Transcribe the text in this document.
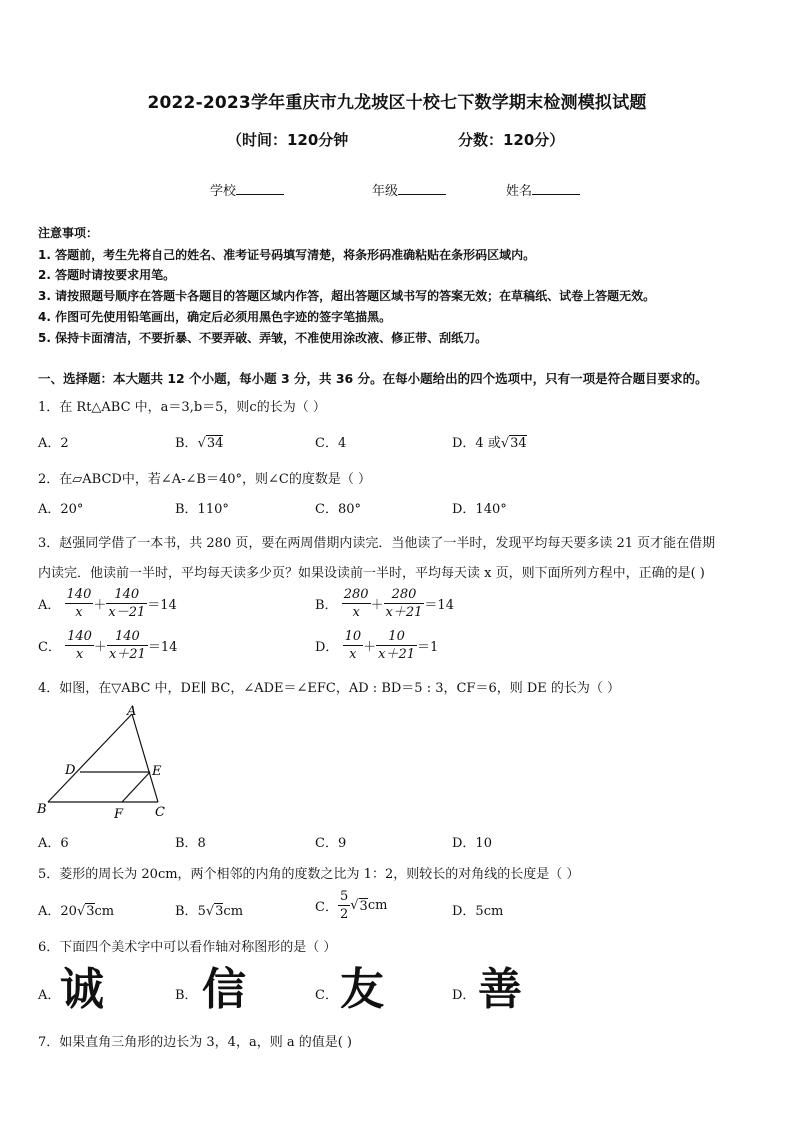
2022-2023学年重庆市九龙坡区十校七下数学期末检测模拟试题
（时间：120分钟	分数：120分）
学校	年级	姓名
注意事项：
1. 答题前，考生先将自己的姓名、准考证号码填写清楚，将条形码准确粘贴在条形码区域内。
2. 答题时请按要求用笔。
3. 请按照题号顺序在答题卡各题目的答题区域内作答，超出答题区域书写的答案无效；在草稿纸、试卷上答题无效。
4. 作图可先使用铅笔画出，确定后必须用黑色字迹的签字笔描黑。
5. 保持卡面清洁，不要折暴、不要弄破、弄皱，不准使用涂改液、修正带、刮纸刀。
一、选择题：本大题共 12 个小题，每小题 3 分，共 36 分。在每小题给出的四个选项中，只有一项是符合题目要求的。
1．在 Rt△ABC 中，a＝3,b＝5，则c的长为（ ）
A．2	B．√34	C．4	D．4 或√34
2．在▱ABCD中，若∠A-∠B＝40°，则∠C的度数是（ ）
A．20°	B．110°	C．80°	D．140°
3．赵强同学借了一本书，共 280 页，要在两周借期内读完．当他读了一半时，发现平均每天要多读 21 页才能在借期
内读完．他读前一半时，平均每天读多少页？如果设读前一半时，平均每天读 x 页，则下面所列方程中，正确的是( )
A． $\frac{140}{x} + \frac{140}{x-21} =14$	B． $\frac{280}{x} + \frac{280}{x+21} =14$
C． $\frac{140}{x} + \frac{140}{x+21} =14$	D． $\frac{10}{x} + \frac{10}{x+21} =1$
4．如图，在▽ABC 中，DE∥ BC，∠ADE＝∠EFC，AD : BD＝5 : 3，CF＝6，则 DE 的长为（ ）
A
D	E
B	F C
A．6	B．8	C．9	D．10
5．菱形的周长为 20cm，两个相邻的内角的度数之比为 1：2，则较长的对角线的长度是（ ）
A．20√3cm	B．5√3cm	C． $\frac{5}{2} √3cm$	D．5cm
6．下面四个美术字中可以看作轴对称图形的是（ ）
A． 诚	B． 信	C． 友	D． 善
7．如果直角三角形的边长为 3，4，a，则 a 的值是( )
